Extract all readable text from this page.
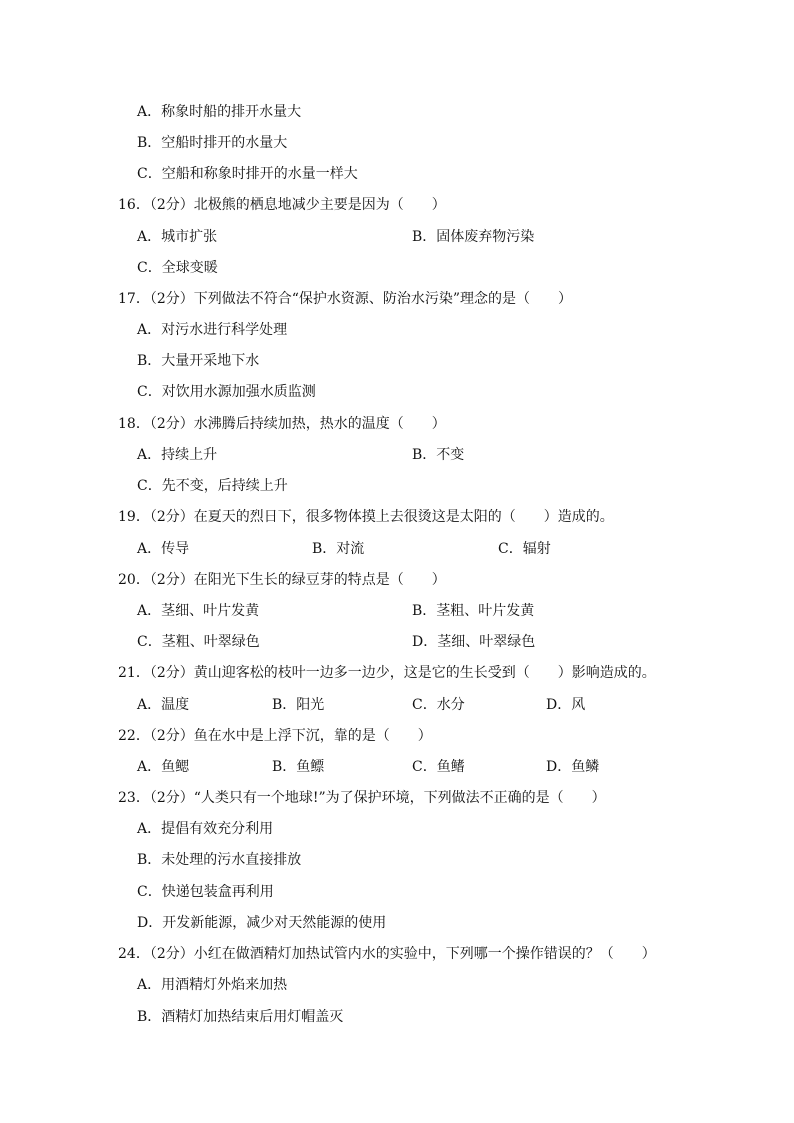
A．称象时船的排开水量大
B．空船时排开的水量大
C．空船和称象时排开的水量一样大
16．（2分）北极熊的栖息地减少主要是因为（　　）
A．城市扩张	B．固体废弃物污染
C．全球变暖
17．（2分）下列做法不符合“保护水资源、防治水污染”理念的是（　　）
A．对污水进行科学处理
B．大量开采地下水
C．对饮用水源加强水质监测
18．（2分）水沸腾后持续加热，热水的温度（　　）
A．持续上升	B．不变
C．先不变，后持续上升
19．（2分）在夏天的烈日下，很多物体摸上去很烫这是太阳的（　　）造成的。
A．传导	B．对流	C．辐射
20．（2分）在阳光下生长的绿豆芽的特点是（　　）
A．茎细、叶片发黄	B．茎粗、叶片发黄
C．茎粗、叶翠绿色	D．茎细、叶翠绿色
21．（2分）黄山迎客松的枝叶一边多一边少，这是它的生长受到（　　）影响造成的。
A．温度	B．阳光	C．水分	D．风
22．（2分）鱼在水中是上浮下沉，靠的是（　　）
A．鱼鳃	B．鱼鳔	C．鱼鳍	D．鱼鳞
23．（2分）“人类只有一个地球!”为了保护环境，下列做法不正确的是（　　）
A．提倡有效充分利用
B．未处理的污水直接排放
C．快递包装盒再利用
D．开发新能源，减少对天然能源的使用
24．（2分）小红在做酒精灯加热试管内水的实验中，下列哪一个操作错误的？（　　）
A．用酒精灯外焰来加热
B．酒精灯加热结束后用灯帽盖灭
